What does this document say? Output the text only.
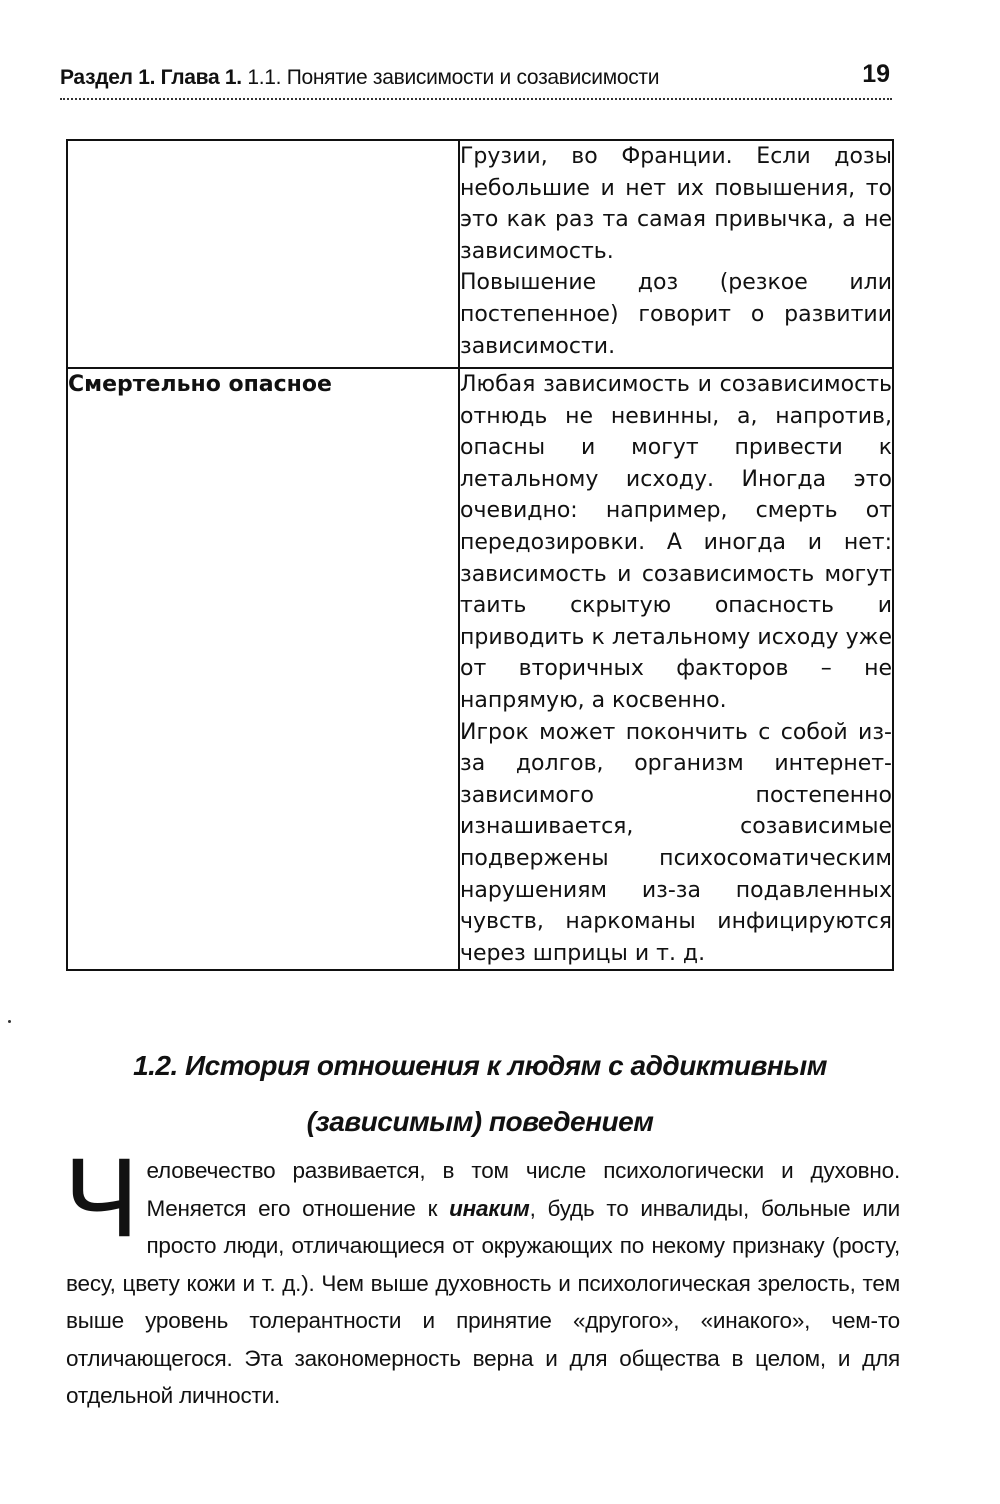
Раздел 1. Глава 1. 1.1. Понятие зависимости и созависимости	19

	Грузии, во Франции. Если дозы небольшие и нет их повышения, то это как раз та самая привычка, а не зависимость.

Повышение доз (резкое или постепенное) говорит о развитии зависимости.

Смертельно опасное	Любая зависимость и созависимость отнюдь не невинны, а, напротив, опасны и могут привести к летальному исходу. Иногда это очевидно: например, смерть от передозировки. А иногда и нет: зависимость и созависимость могут таить скрытую опасность и приводить к летальному исходу уже от вторичных факторов – не напрямую, а косвенно.

Игрок может покончить с собой из-за долгов, организм интернет-зависимого постепенно изнашивается, созависимые подвержены психосоматическим нарушениям из-за подавленных чувств, наркоманы инфицируются через шприцы и т. д.

1.2. История отношения к людям с аддиктивным
(зависимым) поведением
Человечество развивается, в том числе психологически и духовно. Меняется его отношение к инаким, будь то инвалиды, больные или просто люди, отличающиеся от окружающих по некому признаку (росту, весу, цвету кожи и т. д.). Чем выше духовность и психологическая зрелость, тем выше уровень толерантности и принятие «другого», «инакого», чем-то отличающегося. Эта закономерность верна и для общества в целом, и для отдельной личности.
